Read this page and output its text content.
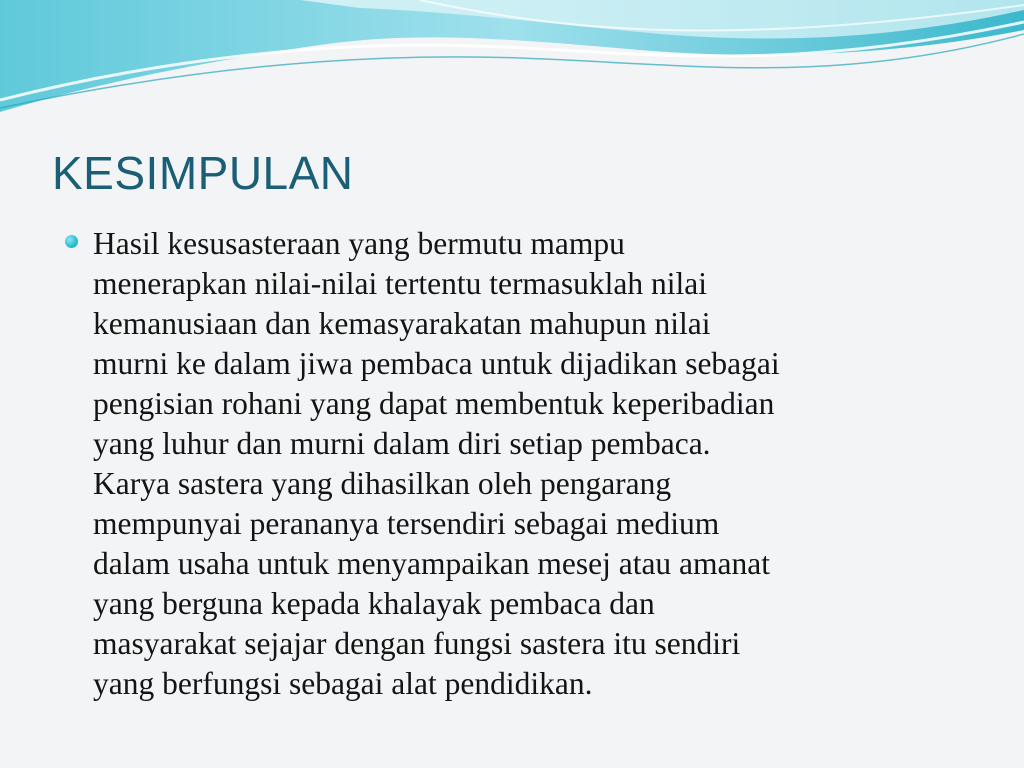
KESIMPULAN
Hasil kesusasteraan yang bermutu mampu
menerapkan nilai-nilai tertentu termasuklah nilai
kemanusiaan dan kemasyarakatan mahupun nilai
murni ke dalam jiwa pembaca untuk dijadikan sebagai
pengisian rohani yang dapat membentuk keperibadian
yang luhur dan murni dalam diri setiap pembaca.
Karya sastera yang dihasilkan oleh pengarang
mempunyai perananya tersendiri sebagai medium
dalam usaha untuk menyampaikan mesej atau amanat
yang berguna kepada khalayak pembaca dan
masyarakat sejajar dengan fungsi sastera itu sendiri
yang berfungsi sebagai alat pendidikan.
